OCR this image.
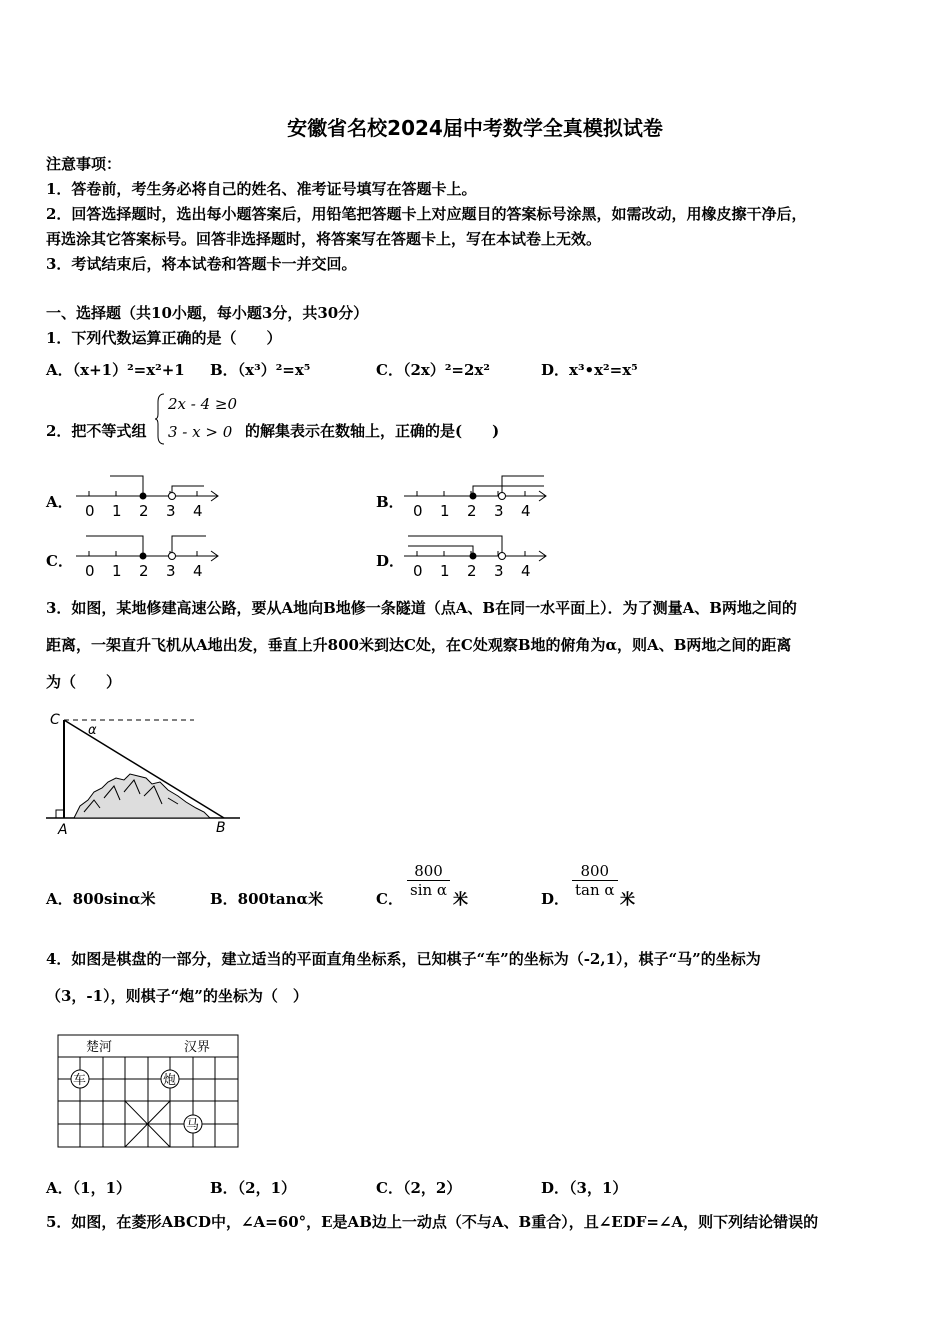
安徽省名校2024届中考数学全真模拟试卷
注意事项：
1．答卷前，考生务必将自己的姓名、准考证号填写在答题卡上。
2．回答选择题时，选出每小题答案后，用铅笔把答题卡上对应题目的答案标号涂黑，如需改动，用橡皮擦干净后，
再选涂其它答案标号。回答非选择题时，将答案写在答题卡上，写在本试卷上无效。
3．考试结束后，将本试卷和答题卡一并交回。
一、选择题（共10小题，每小题3分，共30分）
1．下列代数运算正确的是（　　）
A．（x+1）²=x²+1 B．（x³）²=x⁵	C．（2x）²=2x²	D．x³•x²=x⁵
2．把不等式组
2x - 4 ≥0
3 - x > 0 的解集表示在数轴上，正确的是(　　)
A．	B．
C．	D．
0 1 2 3 4	0 1 2 3 4
0 1 2 3 4	0 1 2 3 4
3．如图，某地修建高速公路，要从A地向B地修一条隧道（点A、B在同一水平面上）．为了测量A、B两地之间的
距离，一架直升飞机从A地出发，垂直上升800米到达C处，在C处观察B地的俯角为α，则A、B两地之间的距离
为（　　）
C
α
A	B
A．800sinα米	B．800tanα米	C． $\frac{800}{\text{sin α}}$ 米	D． $\frac{800}{\text{tan α}}$ 米
4．如图是棋盘的一部分，建立适当的平面直角坐标系，已知棋子“车”的坐标为（-2,1），棋子“马”的坐标为
（3，-1），则棋子“炮”的坐标为（　）
楚河	汉界
车	炮
马
A．（1，1）	B．（2，1）	C．（2，2）	D．（3，1）
5．如图，在菱形ABCD中，∠A=60°，E是AB边上一动点（不与A、B重合），且∠EDF=∠A，则下列结论错误的
